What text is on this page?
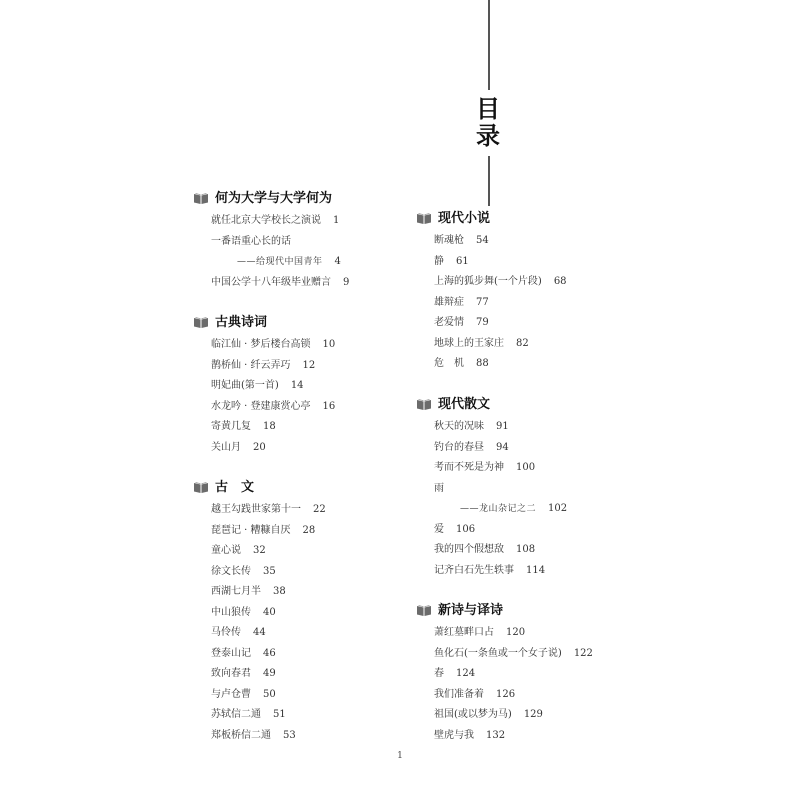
目
录
何为大学与大学何为
就任北京大学校长之演说 1
一番语重心长的话
——给现代中国青年 4
中国公学十八年级毕业赠言 9
古典诗词
临江仙 · 梦后楼台高锁 10
鹊桥仙 · 纤云弄巧 12
明妃曲(第一首) 14
水龙吟 · 登建康赏心亭 16
寄黄几复 18
关山月 20
古　文
越王勾践世家第十一 22
琵琶记 · 糟糠自厌 28
童心说 32
徐文长传 35
西湖七月半 38
中山狼传 40
马伶传 44
登泰山记 46
致向春君 49
与卢仓曹 50
苏轼信二通 51
郑板桥信二通 53
现代小说
断魂枪 54
静 61
上海的狐步舞(一个片段) 68
雄辩症 77
老爱情 79
地球上的王家庄 82
危　机 88
现代散文
秋天的况味 91
钓台的春昼 94
考而不死是为神 100
雨
——龙山杂记之二 102
爱 106
我的四个假想敌 108
记齐白石先生轶事 114
新诗与译诗
萧红墓畔口占 120
鱼化石(一条鱼或一个女子说) 122
春 124
我们准备着 126
祖国(或以梦为马) 129
壁虎与我 132
1
